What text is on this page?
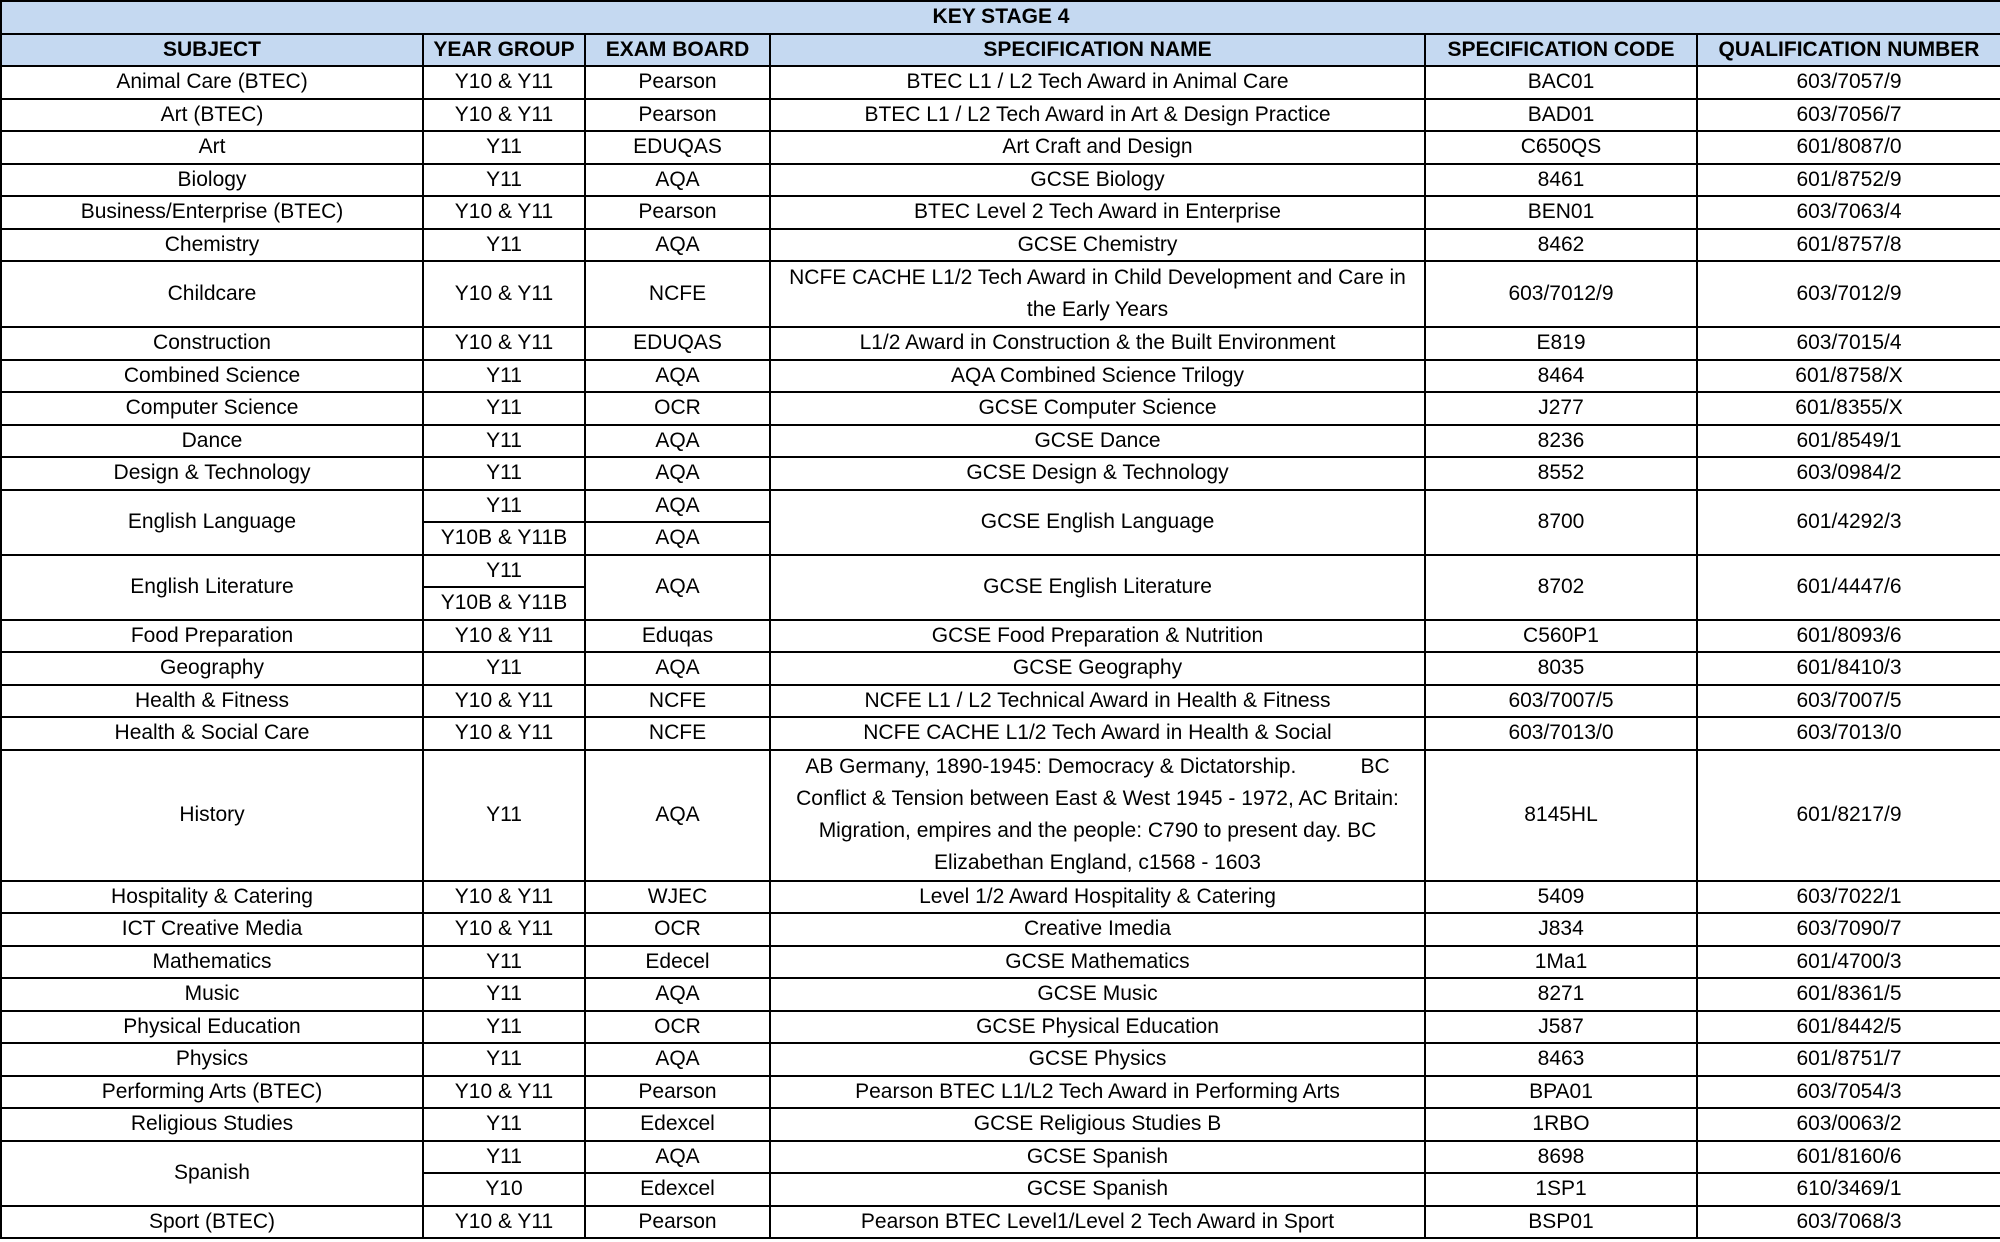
KEY STAGE 4					
SUBJECT	YEAR GROUP	EXAM BOARD	SPECIFICATION NAME	SPECIFICATION CODE	QUALIFICATION NUMBER
Animal Care (BTEC)	Y10 & Y11	Pearson	BTEC L1 / L2 Tech Award in Animal Care	BAC01	603/7057/9
Art (BTEC)	Y10 & Y11	Pearson	BTEC L1 / L2 Tech Award in Art & Design Practice	BAD01	603/7056/7
Art	Y11	EDUQAS	Art Craft and Design	C650QS	601/8087/0
Biology	Y11	AQA	GCSE Biology	8461	601/8752/9
Business/Enterprise (BTEC)	Y10 & Y11	Pearson	BTEC Level 2 Tech Award in Enterprise	BEN01	603/7063/4
Chemistry	Y11	AQA	GCSE Chemistry	8462	601/8757/8
Childcare	Y10 & Y11	NCFE	NCFE CACHE L1/2 Tech Award in Child Development and Care in the Early Years	603/7012/9	603/7012/9
Construction	Y10 & Y11	EDUQAS	L1/2 Award in Construction & the Built Environment	E819	603/7015/4
Combined Science	Y11	AQA	AQA Combined Science Trilogy	8464	601/8758/X
Computer Science	Y11	OCR	GCSE Computer Science	J277	601/8355/X
Dance	Y11	AQA	GCSE Dance	8236	601/8549/1
Design & Technology	Y11	AQA	GCSE Design & Technology	8552	603/0984/2
English Language	Y11	AQA	GCSE English Language	8700	601/4292/3
	Y10B & Y11B	AQA			
English Literature	Y11	AQA	GCSE English Literature	8702	601/4447/6
	Y10B & Y11B				
Food Preparation	Y10 & Y11	Eduqas	GCSE Food Preparation & Nutrition	C560P1	601/8093/6
Geography	Y11	AQA	GCSE Geography	8035	601/8410/3
Health & Fitness	Y10 & Y11	NCFE	NCFE L1 / L2 Technical Award in Health & Fitness	603/7007/5	603/7007/5
Health & Social Care	Y10 & Y11	NCFE	NCFE CACHE L1/2 Tech Award in Health & Social	603/7013/0	603/7013/0
History	Y11	AQA	AB Germany, 1890-1945: Democracy & Dictatorship.           BC Conflict & Tension between East & West 1945 - 1972, AC Britain: Migration, empires and the people: C790 to present day. BC Elizabethan England, c1568 - 1603	8145HL	601/8217/9
Hospitality & Catering	Y10 & Y11	WJEC	Level 1/2 Award Hospitality & Catering	5409	603/7022/1
ICT Creative Media	Y10 & Y11	OCR	Creative Imedia	J834	603/7090/7
Mathematics	Y11	Edecel	GCSE Mathematics	1Ma1	601/4700/3
Music	Y11	AQA	GCSE Music	8271	601/8361/5
Physical Education	Y11	OCR	GCSE Physical Education	J587	601/8442/5
Physics	Y11	AQA	GCSE Physics	8463	601/8751/7
Performing Arts (BTEC)	Y10 & Y11	Pearson	Pearson BTEC L1/L2 Tech Award in Performing Arts	BPA01	603/7054/3
Religious Studies	Y11	Edexcel	GCSE Religious Studies B	1RBO	603/0063/2
Spanish	Y11	AQA	GCSE Spanish	8698	601/8160/6
	Y10	Edexcel	GCSE Spanish	1SP1	610/3469/1
Sport (BTEC)	Y10 & Y11	Pearson	Pearson BTEC Level1/Level 2 Tech Award in Sport	BSP01	603/7068/3
